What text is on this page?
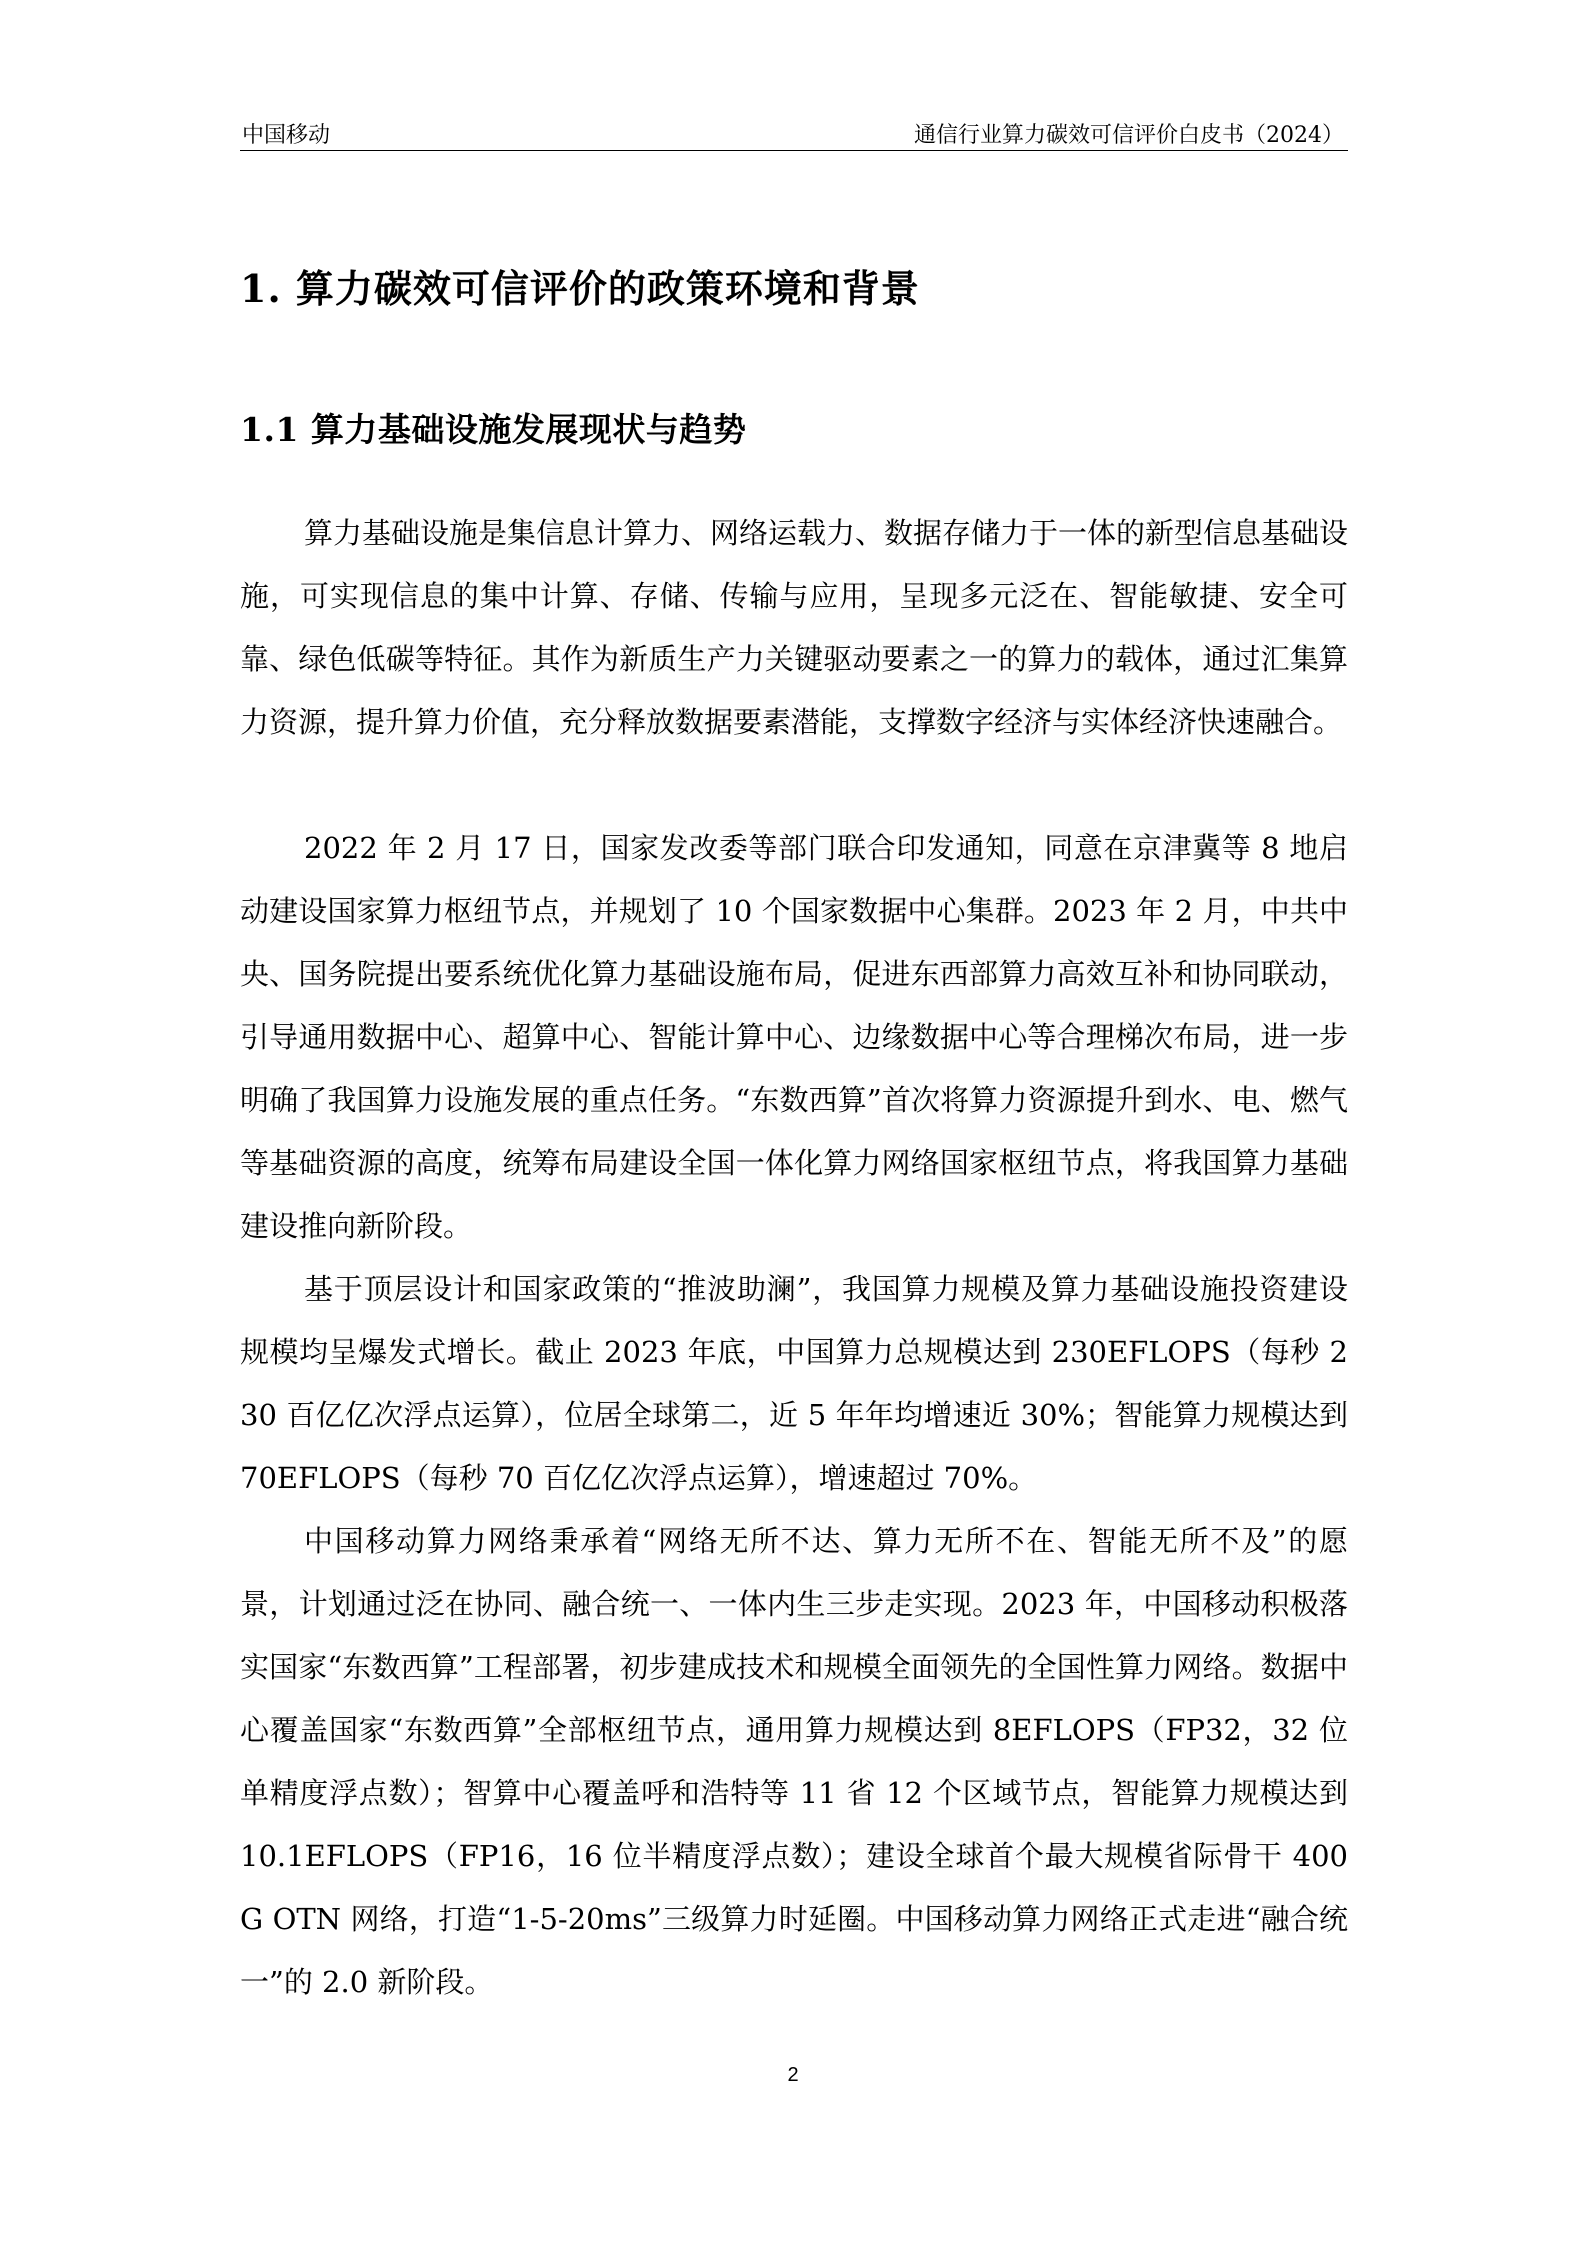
中国移动	通信行业算力碳效可信评价白皮书（2024）
1. 算力碳效可信评价的政策环境和背景
1.1 算力基础设施发展现状与趋势

算力基础设施是集信息计算力、网络运载力、数据存储力于一体的新型信息基础设施，可实现信息的集中计算、存储、传输与应用，呈现多元泛在、智能敏捷、安全可靠、绿色低碳等特征。其作为新质生产力关键驱动要素之一的算力的载体，通过汇集算力资源，提升算力价值，充分释放数据要素潜能，支撑数字经济与实体经济快速融合。

2022 年 2 月 17 日，国家发改委等部门联合印发通知，同意在京津冀等 8 地启动建设国家算力枢纽节点，并规划了 10 个国家数据中心集群。2023 年 2 月，中共中央、国务院提出要系统优化算力基础设施布局，促进东西部算力高效互补和协同联动，引导通用数据中心、超算中心、智能计算中心、边缘数据中心等合理梯次布局，进一步明确了我国算力设施发展的重点任务。“东数西算”首次将算力资源提升到水、电、燃气等基础资源的高度，统筹布局建设全国一体化算力网络国家枢纽节点，将我国算力基础建设推向新阶段。

基于顶层设计和国家政策的“推波助澜”，我国算力规模及算力基础设施投资建设规模均呈爆发式增长。截止 2023 年底，中国算力总规模达到 230EFLOPS（每秒 230 百亿亿次浮点运算），位居全球第二，近 5 年年均增速近 30%；智能算力规模达到 70EFLOPS（每秒 70 百亿亿次浮点运算），增速超过 70%。

中国移动算力网络秉承着“网络无所不达、算力无所不在、智能无所不及”的愿景，计划通过泛在协同、融合统一、一体内生三步走实现。2023 年，中国移动积极落实国家“东数西算”工程部署，初步建成技术和规模全面领先的全国性算力网络。数据中心覆盖国家“东数西算”全部枢纽节点，通用算力规模达到 8EFLOPS（FP32，32 位单精度浮点数）；智算中心覆盖呼和浩特等 11 省 12 个区域节点，智能算力规模达到 10.1EFLOPS（FP16，16 位半精度浮点数）；建设全球首个最大规模省际骨干 400G OTN 网络，打造“1-5-20ms”三级算力时延圈。中国移动算力网络正式走进“融合统一”的 2.0 新阶段。

2
